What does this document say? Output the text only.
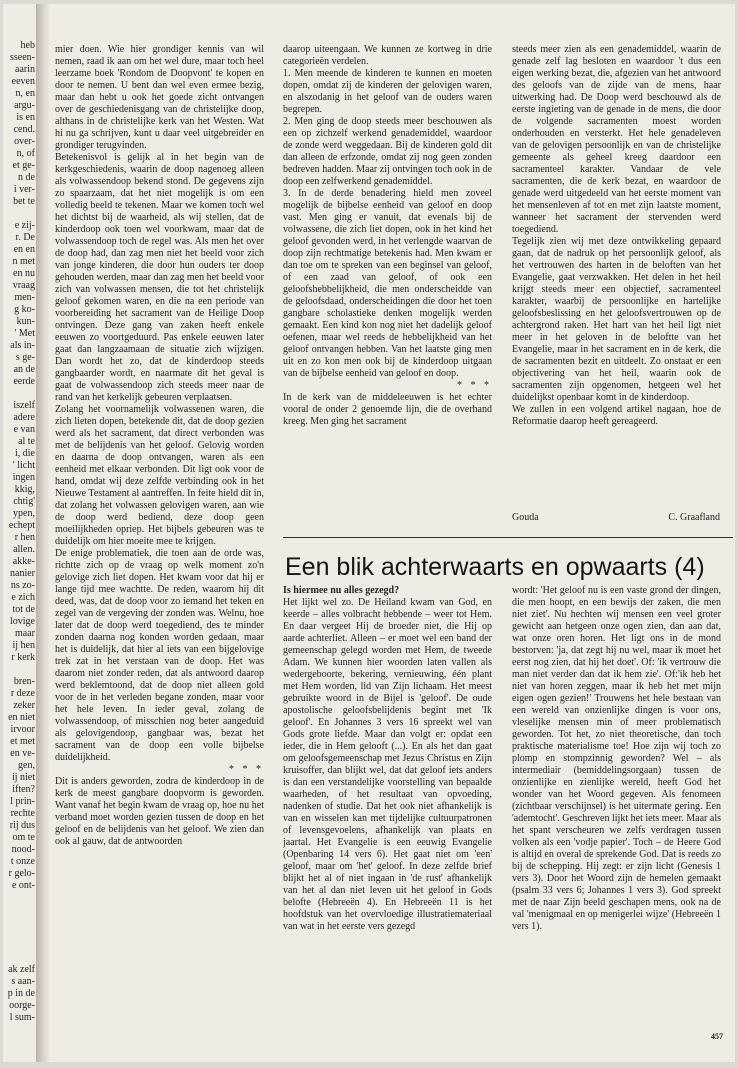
heb
sseen-
aarin
eeven
n, en
argu-
is en
cend.
over-
n, of
et ge-
n de
i ver-
bet te

e zij-
r. De
en en
n met
en nu
vraag
men-
g ko-
kun-
' Met
als in-
s ge-
an de
eerde

iszelf
adere
e van
al te
i, die
' licht
ingen
kkig,
chtig'
ypen,
echept
r hen
allen.
akke-
nanier
ns zo-
e zich
tot de
lovige
maar
ij hen
r kerk

bren-
r deze
zeker
en niet
irvoor
et met
en ve-
gen,
ij niet
iften?
l prin-
rechte
rij dus
om te
nood-
t onze
r gelo-
e ont-

ak zelf
s aan-
p in de
oorge-
l sum-

mier doen. Wie hier grondiger kennis van wil nemen, raad ik aan om het wel dure, maar toch heel leerzame boek 'Rondom de Doopvont' te kopen en door te nemen. U bent dan wel even ermee bezig, maar dan hebt u ook het goede zicht ontvangen over de geschiedenisgang van de christelijke doop, althans in de christelijke kerk van het Westen. Wat hi nu ga schrijven, kunt u daar veel uitgebreider en grondiger terugvinden.

Betekenisvol is gelijk al in het begin van de kerkgeschiedenis, waarin de doop nagenoeg alleen als volwassendoop bekend stond. De gegevens zijn zo spaarzaam, dat het niet mogelijk is om een volledig beeld te tekenen. Maar we komen toch wel het dichtst bij de waarheid, als wij stellen, dat de kinderdoop ook toen wel voorkwam, maar dat de volwassendoop toch de regel was. Als men het over de doop had, dan zag men niet het beeld voor zich van jonge kinderen, die door hun ouders ter doop gehouden werden, maar dan zag men het beeld voor zich van volwassen mensen, die tot het christelijk geloof gekomen waren, en die na een periode van voorbereiding het sacrament van de Heilige Doop ontvingen. Deze gang van zaken heeft enkele eeuwen zo voortgeduurd. Pas enkele eeuwen later gaat dan langzaamaan de situatie zich wijzigen. Dan wordt het zo, dat de kinderdoop steeds gangbaarder wordt, en naarmate dit het geval is gaat de volwassendoop zich steeds meer naar de rand van het kerkelijk gebeuren verplaatsen.

Zolang het voornamelijk volwassenen waren, die zich lieten dopen, betekende dit, dat de doop gezien werd als het sacrament, dat direct verbonden was met de belijdenis van het geloof. Gelovig worden en daarna de doop ontvangen, waren als een eenheid met elkaar verbonden. Dit ligt ook voor de hand, omdat wij deze zelfde verbinding ook in het Nieuwe Testament al aantreffen. In feite hield dit in, dat zolang het volwassen gelovigen waren, aan wie de doop werd bediend, deze doop geen moeilijkheden opriep. Het bijbels gebeuren was te duidelijk om hier moeite mee te krijgen.

De enige problematiek, die toen aan de orde was, richtte zich op de vraag op welk moment zo'n gelovige zich liet dopen. Het kwam voor dat hij er lange tijd mee wachtte. De reden, waarom hij dit deed, was, dat de doop voor zo iemand het teken en zegel van de vergeving der zonden was. Welnu, hoe later dat de doop werd toegediend, des te minder zonden daarna nog konden worden gedaan, maar het is duidelijk, dat hier al iets van een bijgelovige trek zat in het verstaan van de doop. Het was daarom niet zonder reden, dat als antwoord daarop werd beklemtoond, dat de doop niet alleen gold voor de in het verleden begane zonden, maar voor het hele leven. In ieder geval, zolang de volwassendoop, of misschien nog beter aangeduid als gelovigendoop, gangbaar was, bezat het sacrament van de doop een volle bijbelse duidelijkheid.

* * *

Dit is anders geworden, zodra de kinderdoop in de kerk de meest gangbare doopvorm is geworden. Want vanaf het begin kwam de vraag op, hoe nu het verband moet worden gezien tussen de doop en het geloof en de belijdenis van het geloof. We zien dan ook al gauw, dat de antwoorden

daarop uiteengaan. We kunnen ze kortweg in drie categorieën verdelen.

1. Men meende de kinderen te kunnen en moeten dopen, omdat zij de kinderen der gelovigen waren, en alszodanig in het geloof van de ouders waren begrepen.

2. Men ging de doop steeds meer beschouwen als een op zichzelf werkend genademiddel, waardoor de zonde werd weggedaan. Bij de kinderen gold dit dan alleen de erfzonde, omdat zij nog geen zonden bedreven hadden. Maar zij ontvingen toch ook in de doop een zelfwerkend genademiddel.

3. In de derde benadering hield men zoveel mogelijk de bijbelse eenheid van geloof en doop vast. Men ging er vanuit, dat evenals bij de volwassene, die zich liet dopen, ook in het kind het geloof gevonden werd, in het verlengde waarvan de doop zijn rechtmatige betekenis had. Men kwam er dan toe om te spreken van een beginsel van geloof, of een zaad van geloof, of ook een geloofshebbelijkheid, die men onderscheidde van de geloofsdaad, onderscheidingen die door het toen gangbare scholastieke denken mogelijk werden gemaakt. Een kind kon nog niet het dadelijk geloof oefenen, maar wel reeds de hebbelijkheid van het geloof ontvangen hebben. Van het laatste ging men uit en zo kon men ook bij de kinderdoop uitgaan van de bijbelse eenheid van geloof en doop.

* * *

In de kerk van de middeleeuwen is het echter vooral de onder 2 genoemde lijn, die de overhand kreeg. Men ging het sacrament

steeds meer zien als een genademiddel, waarin de genade zelf lag besloten en waardoor 't dus een eigen werking bezat, die, afgezien van het antwoord des geloofs van de zijde van de mens, haar uitwerking had. De Doop werd beschouwd als de eerste ingieting van de genade in de mens, die door de volgende sacramenten moest worden onderhouden en versterkt. Het hele genadeleven van de gelovigen persoonlijk en van de christelijke gemeente als geheel kreeg daardoor een sacramenteel karakter. Vandaar de vele sacramenten, die de kerk bezat, en waardoor de genade werd uitgedeeld van het eerste moment van het mensenleven af tot en met zijn laatste moment, wanneer het sacrament der stervenden werd toegediend.

Tegelijk zien wij met deze ontwikkeling gepaard gaan, dat de nadruk op het persoonlijk geloof, als het vertrouwen des harten in de beloften van het Evangelie, gaat verzwakken. Het delen in het heil krijgt steeds meer een objectief, sacramenteel karakter, waarbij de persoonlijke en hartelijke geloofsbeslissing en het geloofsvertrouwen op de achtergrond raken. Het hart van het heil ligt niet meer in het geloven in de beloftte van het Evangelie, maar in het sacrament en in de kerk, die de sacramenten bezit en uitdeelt. Zo onstaat er een objectivering van het heil, waarin ook de sacramenten zijn opgenomen, hetgeen wel het duidelijkst openbaar komt in de kinderdoop.

We zullen in een volgend artikel nagaan, hoe de Reformatie daarop heeft gereageerd.

Gouda	C. Graafland
Een blik achterwaarts en opwaarts (4)

Is hiermee nu alles gezegd?

Het lijkt wel zo. De Heiland kwam van God, en keerde – alles volbracht hebbende – weer tot Hem. En daar vergeet Hij de broeder niet, die Hij op aarde achterliet. Alleen – er moet wel een band der gemeenschap gelegd worden met Hem, de tweede Adam. We kunnen hier woorden laten vallen als wedergeboorte, bekering, vernieuwing, één plant met Hem worden, lid van Zijn lichaam. Het meest gebruikte woord in de Bijel is 'geloof'. De oude apostolische geloofsbelijdenis begint met 'Ik geloof'. En Johannes 3 vers 16 spreekt wel van Gods grote liefde. Maar dan volgt er: opdat een ieder, die in Hem gelooft (...). En als het dan gaat om geloofsgemeenschap met Jezus Christus en Zijn kruisoffer, dan blijkt wel, dat dat geloof iets anders is dan een verstandelijke voorstelling van bepaalde waarheden, of het resultaat van opvoeding, nadenken of studie. Dat het ook niet afhankelijk is van en wisselen kan met tijdelijke cultuurpatronen of levensgevoelens, afhankelijk van plaats en jaartal. Het Evangelie is een eeuwig Evangelie (Openbaring 14 vers 6). Het gaat niet om 'een' geloof, maar om 'het' geloof. In deze zelfde brief blijkt het al of niet ingaan in 'de rust' afhankelijk van het al dan niet leven uit het geloof in Gods belofte (Hebreeën 4). En Hebreeën 11 is het hoofdstuk van het overvloedige illustratiemateriaal van wat in het eerste vers gezegd

wordt: 'Het geloof nu is een vaste grond der dingen, die men hoopt, en een bewijs der zaken, die men niet ziet'. Nu hechten wij mensen een veel groter gewicht aan hetgeen onze ogen zien, dan aan dat, wat onze oren horen. Het ligt ons in de mond bestorven: 'ja, dat zegt hij nu wel, maar ik moet het eerst nog zien, dat hij het doet'. Of: 'ik vertrouw die man niet verder dan dat ik hem zie'. Of:'ik heb het niet van horen zeggen, maar ik heb het met mijn eigen ogen gezien!' Trouwens het hele bestaan van een wereld van onzienlijke dingen is voor ons, vleselijke mensen min of meer problematisch geworden. Tot het, zo niet theoretische, dan toch praktische materialisme toe! Hoe zijn wij toch zo plomp en stompzinnig geworden? Wel – als intermediair (bemiddelingsorgaan) tussen de onzienlijke en zienlijke wereld, heeft God het wonder van het Woord gegeven. Als fenomeen (zichtbaar verschijnsel) is het uitermate gering. Een 'ademtocht'. Geschreven lijkt het iets meer. Maar als het spant verscheuren we zelfs verdragen tussen volken als een 'vodje papier'. Toch – de Heere God is altijd en overal de sprekende God. Dat is reeds zo bij de schepping. Hij zegt: er zijn licht (Genesis 1 vers 3). Door het Woord zijn de hemelen gemaakt (psalm 33 vers 6; Johannes 1 vers 3). God spreekt met de naar Zijn beeld geschapen mens, ook na de val 'menigmaal en op menigerlei wijze' (Hebreeën 1 vers 1).

457
